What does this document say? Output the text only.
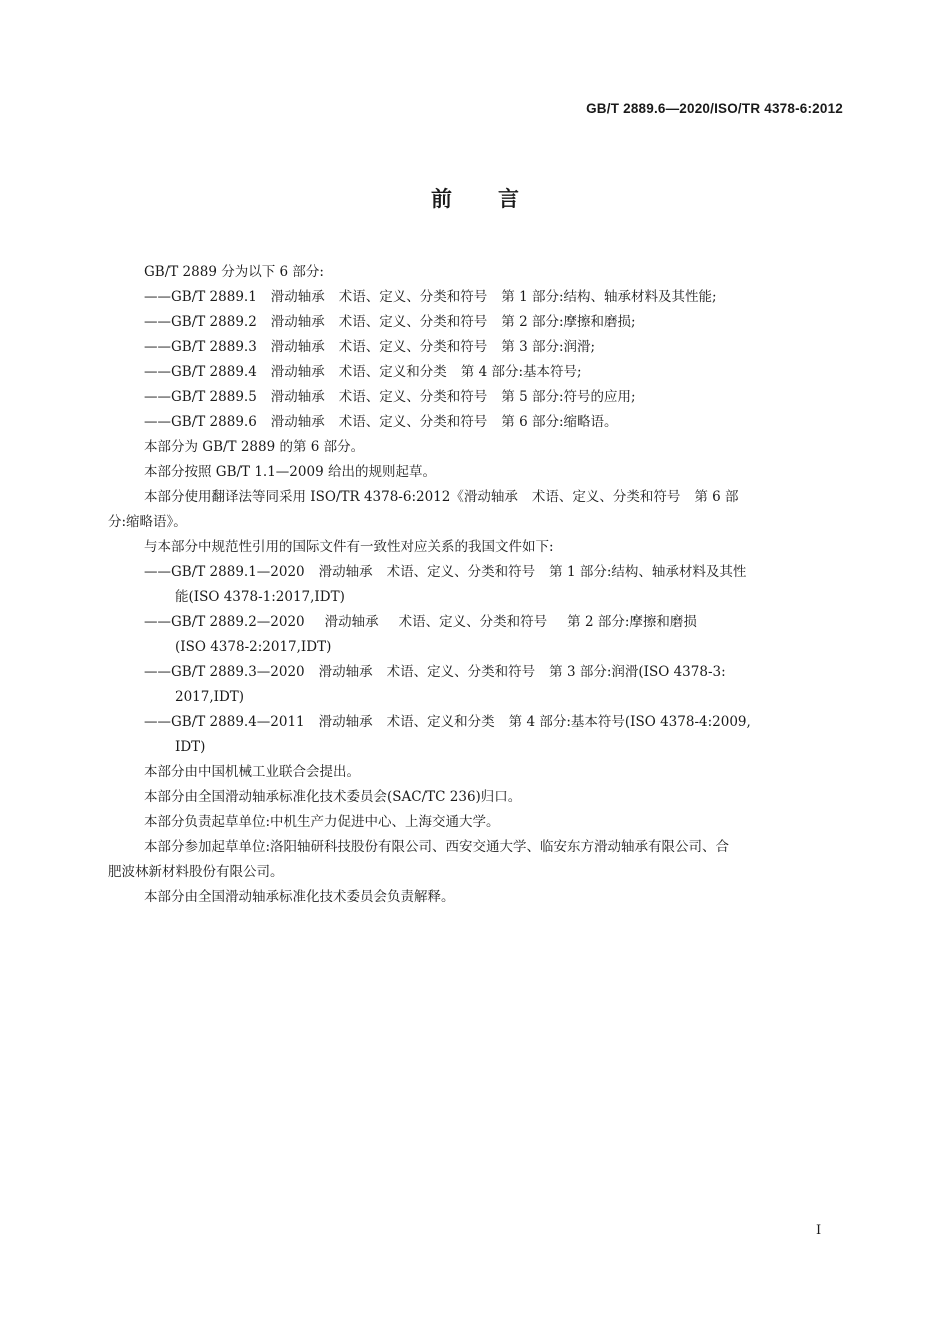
GB/T 2889.6—2020/ISO/TR 4378-6:2012
前 言
GB/T 2889 分为以下 6 部分:
——GB/T 2889.1 滑动轴承 术语、定义、分类和符号 第 1 部分:结构、轴承材料及其性能;
——GB/T 2889.2 滑动轴承 术语、定义、分类和符号 第 2 部分:摩擦和磨损;
——GB/T 2889.3 滑动轴承 术语、定义、分类和符号 第 3 部分:润滑;
——GB/T 2889.4 滑动轴承 术语、定义和分类 第 4 部分:基本符号;
——GB/T 2889.5 滑动轴承 术语、定义、分类和符号 第 5 部分:符号的应用;
——GB/T 2889.6 滑动轴承 术语、定义、分类和符号 第 6 部分:缩略语。
本部分为 GB/T 2889 的第 6 部分。
本部分按照 GB/T 1.1—2009 给出的规则起草。
本部分使用翻译法等同采用 ISO/TR 4378-6:2012《滑动轴承 术语、定义、分类和符号 第 6 部
分:缩略语》。
与本部分中规范性引用的国际文件有一致性对应关系的我国文件如下:
——GB/T 2889.1—2020 滑动轴承 术语、定义、分类和符号 第 1 部分:结构、轴承材料及其性
能(ISO 4378-1:2017,IDT)
——GB/T 2889.2—2020 滑动轴承 术语、定义、分类和符号 第 2 部分:摩擦和磨损
(ISO 4378-2:2017,IDT)
——GB/T 2889.3—2020 滑动轴承 术语、定义、分类和符号 第 3 部分:润滑(ISO 4378-3:
2017,IDT)
——GB/T 2889.4—2011 滑动轴承 术语、定义和分类 第 4 部分:基本符号(ISO 4378-4:2009,
IDT)
本部分由中国机械工业联合会提出。
本部分由全国滑动轴承标准化技术委员会(SAC/TC 236)归口。
本部分负责起草单位:中机生产力促进中心、上海交通大学。
本部分参加起草单位:洛阳轴研科技股份有限公司、西安交通大学、临安东方滑动轴承有限公司、合
肥波林新材料股份有限公司。
本部分由全国滑动轴承标准化技术委员会负责解释。
I
